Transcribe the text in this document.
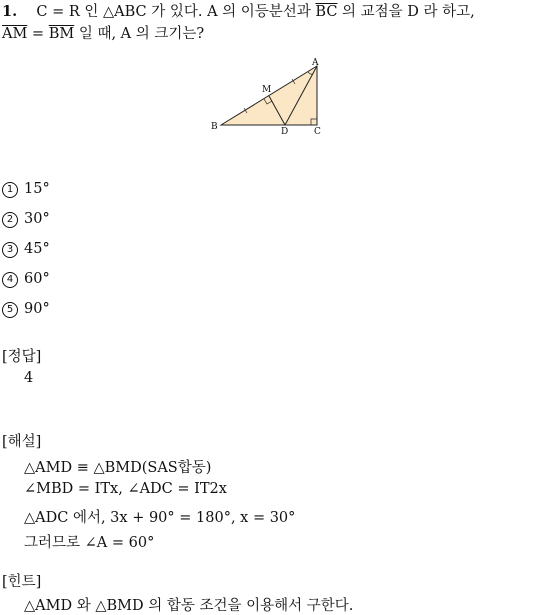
1. C = R 인 △ABC 가 있다. A 의 이등분선과 $\overline{BC}$ 의 교점을 D 라 하고,
$\overline{AM} = \overline{BM}$ 일 때, A 의 크기는?
A
B	C
D
M
1 15°
2 30°
3 45°
4 60°
5 90°
[정답]
4
[해설]
△AMD ≡ △BMD(SAS합동)
∠MBD = ITx, ∠ADC = IT2x
△ADC 에서, 3x + 90° = 180°, x = 30°
그러므로 ∠A = 60°
[힌트]
△AMD 와 △BMD 의 합동 조건을 이용해서 구한다.
